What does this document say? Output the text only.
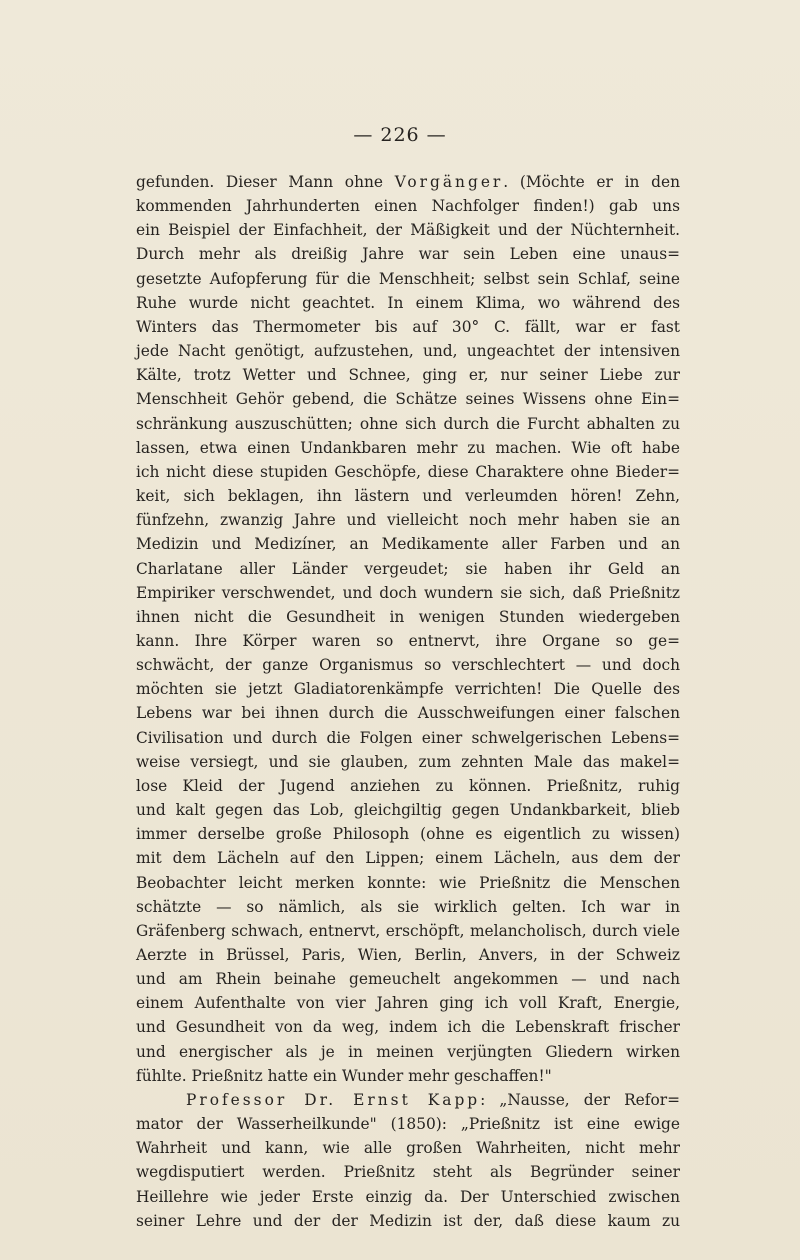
— 226 —
gefunden. Dieser Mann ohne Vorgänger. (Möchte er in den
kommenden Jahrhunderten einen Nachfolger finden!) gab uns
ein Beispiel der Einfachheit, der Mäßigkeit und der Nüchternheit.
Durch mehr als dreißig Jahre war sein Leben eine unaus=
gesetzte Aufopferung für die Menschheit; selbst sein Schlaf, seine
Ruhe wurde nicht geachtet. In einem Klima, wo während des
Winters das Thermometer bis auf 30° C. fällt, war er fast
jede Nacht genötigt, aufzustehen, und, ungeachtet der intensiven
Kälte, trotz Wetter und Schnee, ging er, nur seiner Liebe zur
Menschheit Gehör gebend, die Schätze seines Wissens ohne Ein=
schränkung auszuschütten; ohne sich durch die Furcht abhalten zu
lassen, etwa einen Undankbaren mehr zu machen. Wie oft habe
ich nicht diese stupiden Geschöpfe, diese Charaktere ohne Bieder=
keit, sich beklagen, ihn lästern und verleumden hören! Zehn,
fünfzehn, zwanzig Jahre und vielleicht noch mehr haben sie an
Medizin und Medizíner, an Medikamente aller Farben und an
Charlatane aller Länder vergeudet; sie haben ihr Geld an
Empiriker verschwendet, und doch wundern sie sich, daß Prießnitz
ihnen nicht die Gesundheit in wenigen Stunden wiedergeben
kann. Ihre Körper waren so entnervt, ihre Organe so ge=
schwächt, der ganze Organismus so verschlechtert — und doch
möchten sie jetzt Gladiatorenkämpfe verrichten! Die Quelle des
Lebens war bei ihnen durch die Ausschweifungen einer falschen
Civilisation und durch die Folgen einer schwelgerischen Lebens=
weise versiegt, und sie glauben, zum zehnten Male das makel=
lose Kleid der Jugend anziehen zu können. Prießnitz, ruhig
und kalt gegen das Lob, gleichgiltig gegen Undankbarkeit, blieb
immer derselbe große Philosoph (ohne es eigentlich zu wissen)
mit dem Lächeln auf den Lippen; einem Lächeln, aus dem der
Beobachter leicht merken konnte: wie Prießnitz die Menschen
schätzte — so nämlich, als sie wirklich gelten. Ich war in
Gräfenberg schwach, entnervt, erschöpft, melancholisch, durch viele
Aerzte in Brüssel, Paris, Wien, Berlin, Anvers, in der Schweiz
und am Rhein beinahe gemeuchelt angekommen — und nach
einem Aufenthalte von vier Jahren ging ich voll Kraft, Energie,
und Gesundheit von da weg, indem ich die Lebenskraft frischer
und energischer als je in meinen verjüngten Gliedern wirken
fühlte. Prießnitz hatte ein Wunder mehr geschaffen!"
Professor Dr. Ernst Kapp: „Nausse, der Refor=
mator der Wasserheilkunde" (1850): „Prießnitz ist eine ewige
Wahrheit und kann, wie alle großen Wahrheiten, nicht mehr
wegdisputiert werden. Prießnitz steht als Begründer seiner
Heillehre wie jeder Erste einzig da. Der Unterschied zwischen
seiner Lehre und der der Medizin ist der, daß diese kaum zu
